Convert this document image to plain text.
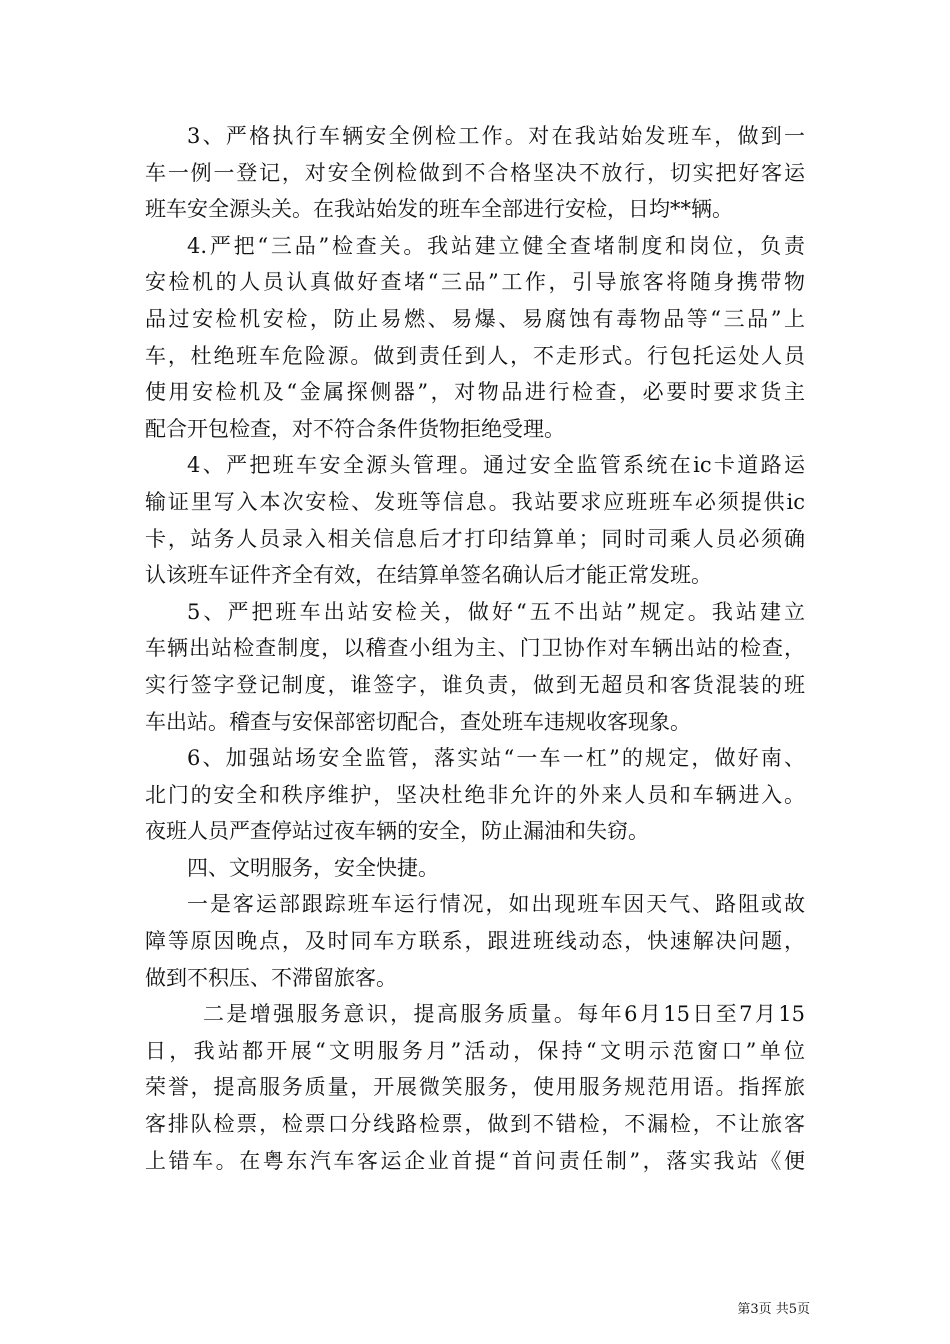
3、严格执行车辆安全例检工作。对在我站始发班车，做到一
车一例一登记，对安全例检做到不合格坚决不放行，切实把好客运
班车安全源头关。在我站始发的班车全部进行安检，日均**辆。
4.严把“三品”检查关。我站建立健全查堵制度和岗位，负责
安检机的人员认真做好查堵“三品”工作，引导旅客将随身携带物
品过安检机安检，防止易燃、易爆、易腐蚀有毒物品等“三品”上
车，杜绝班车危险源。做到责任到人，不走形式。行包托运处人员
使用安检机及“金属探侧器”，对物品进行检查，必要时要求货主
配合开包检查，对不符合条件货物拒绝受理。
4、严把班车安全源头管理。通过安全监管系统在ic卡道路运
输证里写入本次安检、发班等信息。我站要求应班班车必须提供ic
卡，站务人员录入相关信息后才打印结算单；同时司乘人员必须确
认该班车证件齐全有效，在结算单签名确认后才能正常发班。
5、严把班车出站安检关，做好“五不出站”规定。我站建立
车辆出站检查制度，以稽查小组为主、门卫协作对车辆出站的检查，
实行签字登记制度，谁签字，谁负责，做到无超员和客货混装的班
车出站。稽查与安保部密切配合，查处班车违规收客现象。
6、加强站场安全监管，落实站“一车一杠”的规定，做好南、
北门的安全和秩序维护，坚决杜绝非允许的外来人员和车辆进入。
夜班人员严查停站过夜车辆的安全，防止漏油和失窃。
四、文明服务，安全快捷。
一是客运部跟踪班车运行情况，如出现班车因天气、路阻或故
障等原因晚点，及时同车方联系，跟进班线动态，快速解决问题，
做到不积压、不滞留旅客。
二是增强服务意识，提高服务质量。每年6月15日至7月15
日，我站都开展“文明服务月”活动，保持“文明示范窗口”单位
荣誉，提高服务质量，开展微笑服务，使用服务规范用语。指挥旅
客排队检票，检票口分线路检票，做到不错检，不漏检，不让旅客
上错车。在粤东汽车客运企业首提“首问责任制”，落实我站《便
第3页 共5页
